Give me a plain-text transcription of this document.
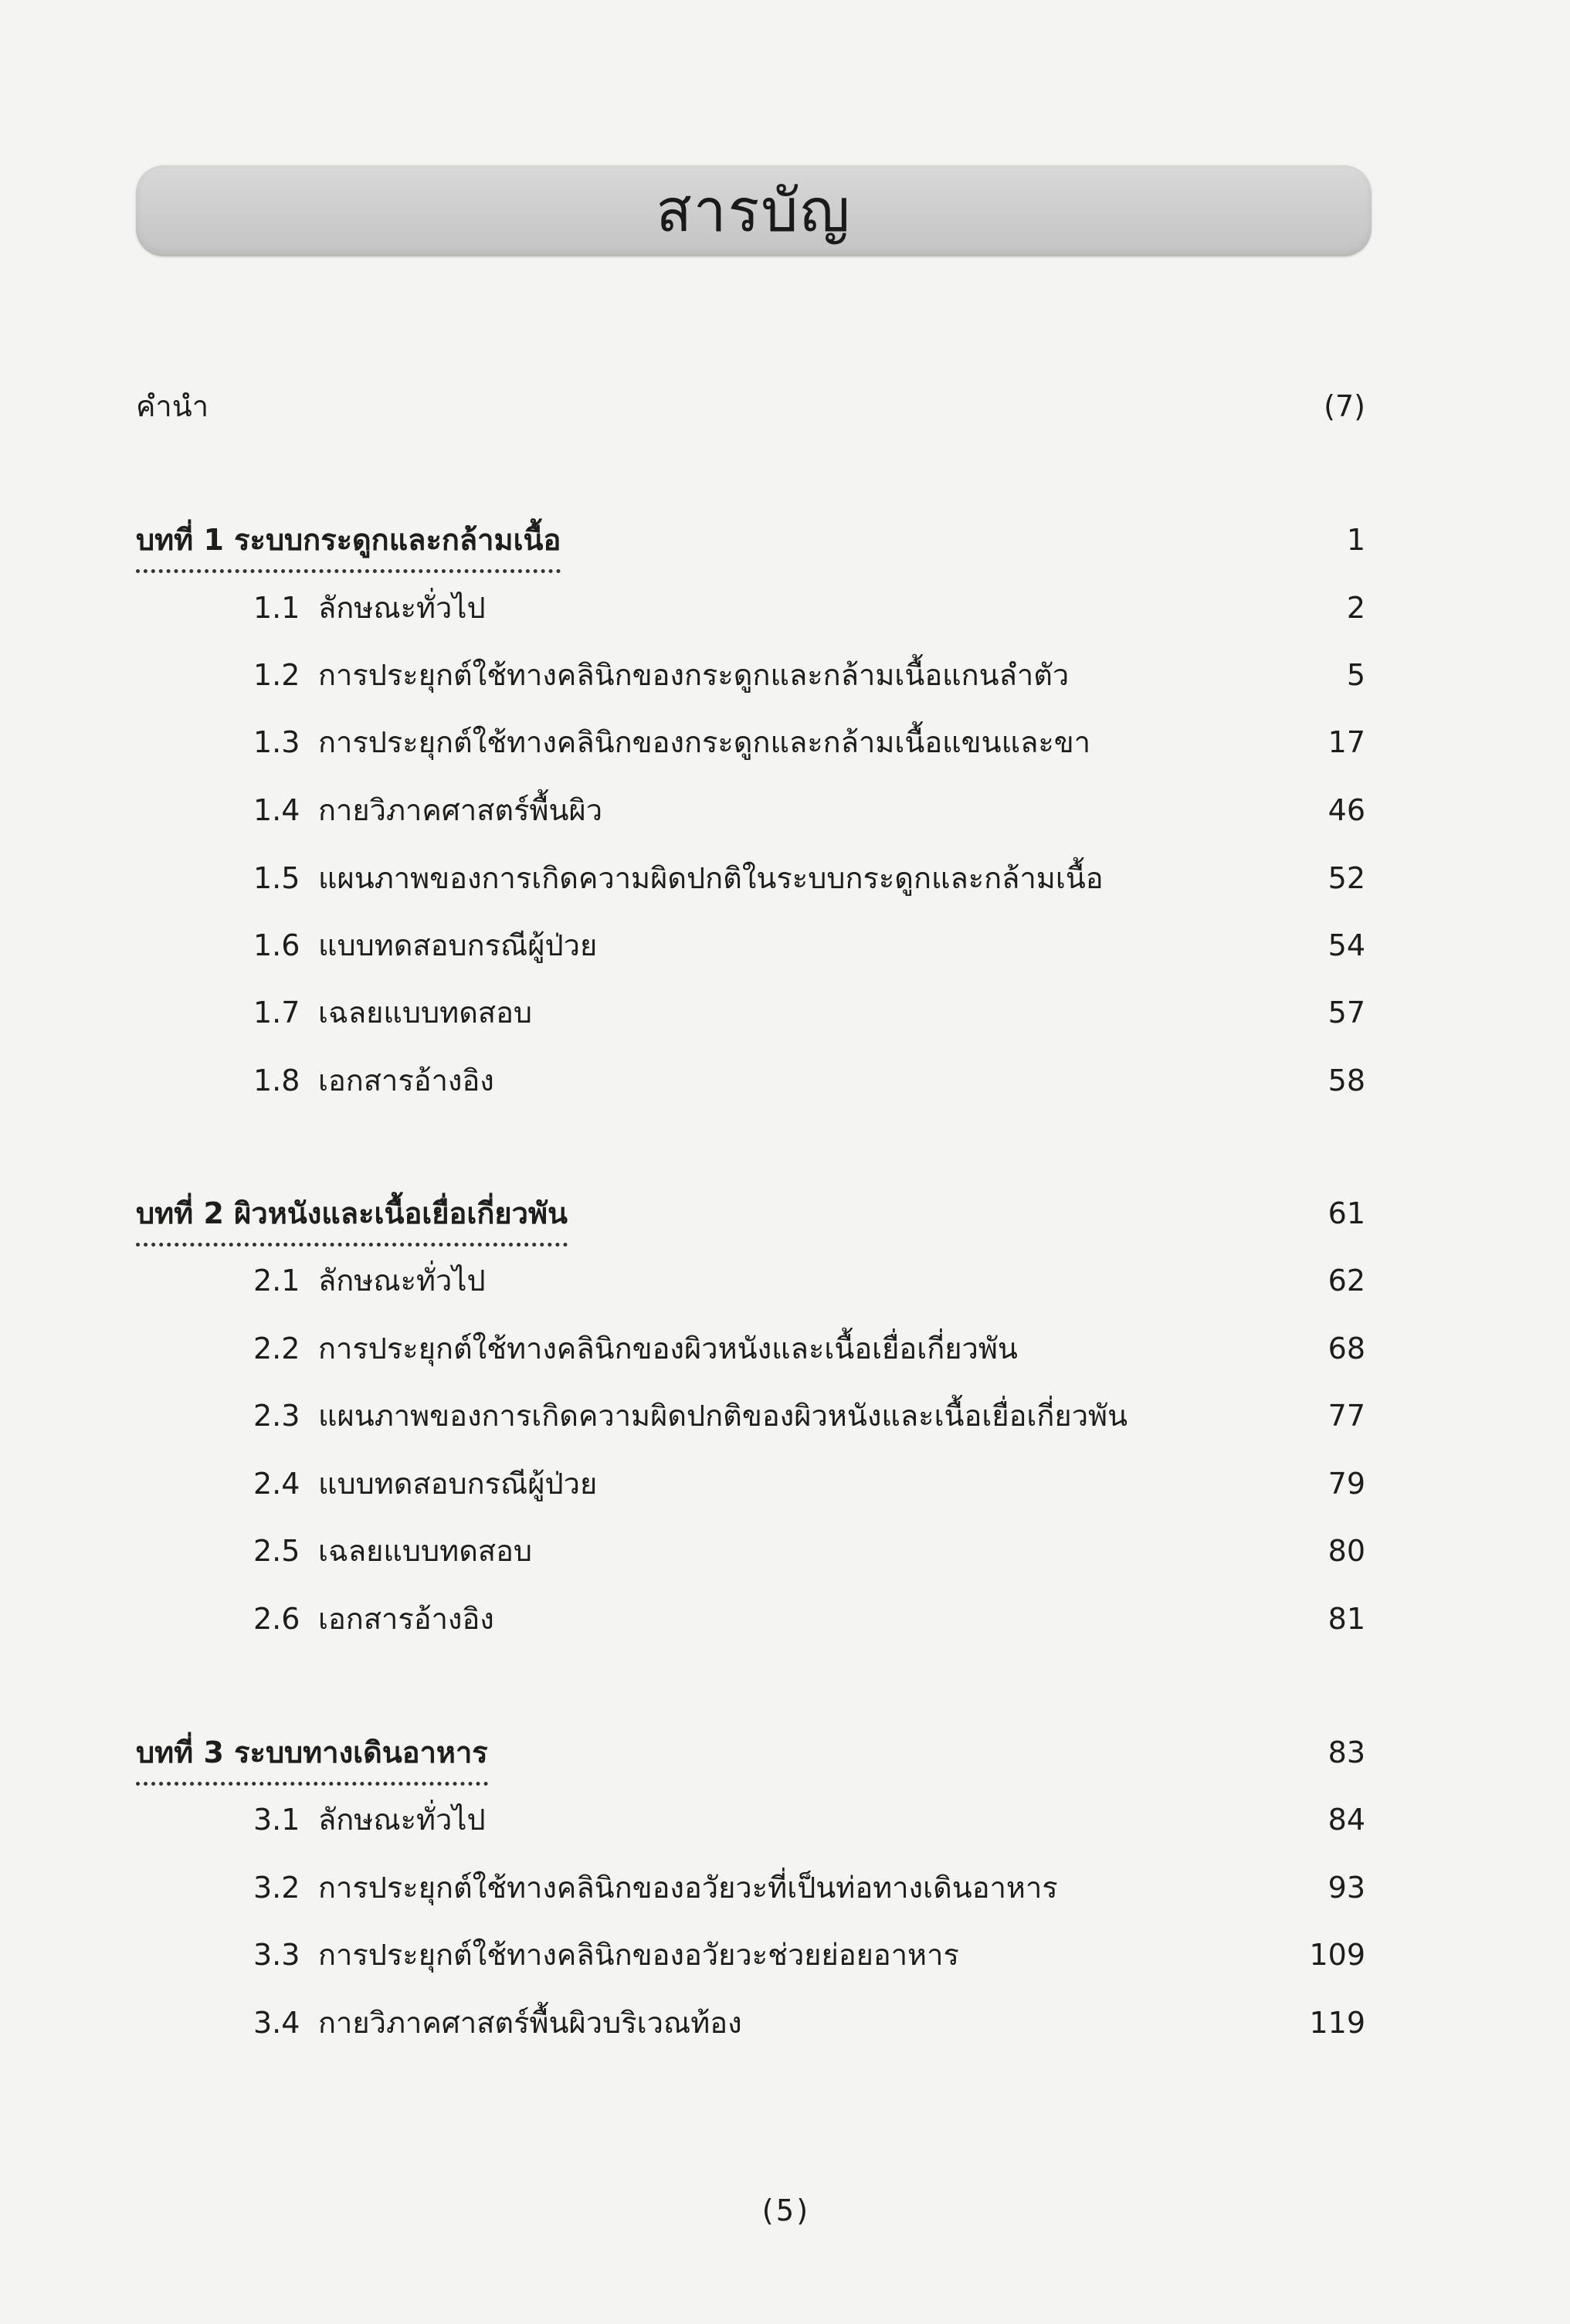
สารบัญ
คำนำ	(7)
บทที่ 1 ระบบกระดูกและกล้ามเนื้อ	1
1.1 ลักษณะทั่วไป	2
1.2 การประยุกต์ใช้ทางคลินิกของกระดูกและกล้ามเนื้อแกนลำตัว	5
1.3 การประยุกต์ใช้ทางคลินิกของกระดูกและกล้ามเนื้อแขนและขา	17
1.4 กายวิภาคศาสตร์พื้นผิว	46
1.5 แผนภาพของการเกิดความผิดปกติในระบบกระดูกและกล้ามเนื้อ	52
1.6 แบบทดสอบกรณีผู้ป่วย	54
1.7 เฉลยแบบทดสอบ	57
1.8 เอกสารอ้างอิง	58
บทที่ 2 ผิวหนังและเนื้อเยื่อเกี่ยวพัน	61
2.1 ลักษณะทั่วไป	62
2.2 การประยุกต์ใช้ทางคลินิกของผิวหนังและเนื้อเยื่อเกี่ยวพัน	68
2.3 แผนภาพของการเกิดความผิดปกติของผิวหนังและเนื้อเยื่อเกี่ยวพัน	77
2.4 แบบทดสอบกรณีผู้ป่วย	79
2.5 เฉลยแบบทดสอบ	80
2.6 เอกสารอ้างอิง	81
บทที่ 3 ระบบทางเดินอาหาร	83
3.1 ลักษณะทั่วไป	84
3.2 การประยุกต์ใช้ทางคลินิกของอวัยวะที่เป็นท่อทางเดินอาหาร	93
3.3 การประยุกต์ใช้ทางคลินิกของอวัยวะช่วยย่อยอาหาร	109
3.4 กายวิภาคศาสตร์พื้นผิวบริเวณท้อง	119
(5)
